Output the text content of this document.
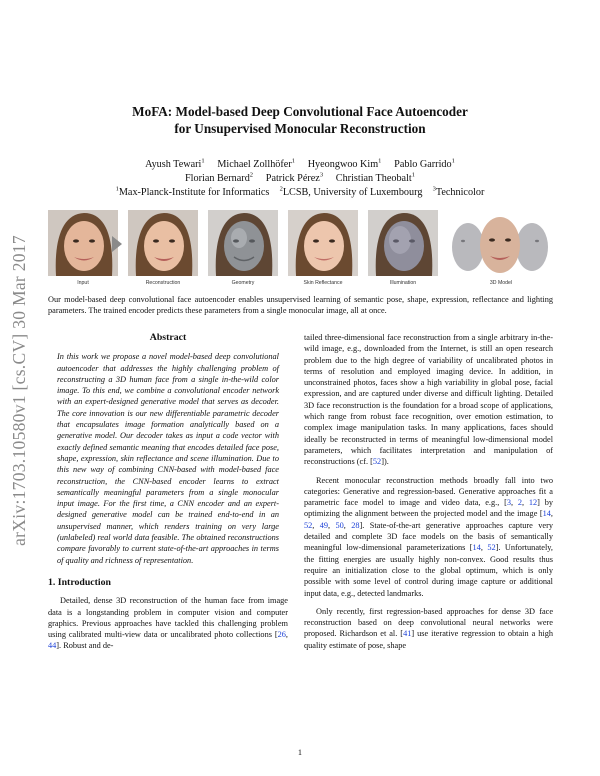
arXiv:1703.10580v1 [cs.CV] 30 Mar 2017
MoFA: Model-based Deep Convolutional Face Autoencoder
for Unsupervised Monocular Reconstruction
Ayush Tewari$^1$ Michael Zollhöfer$^1$ Hyeongwoo Kim$^1$ Pablo Garrido$^1$
Florian Bernard$^2$ Patrick Pérez$^3$ Christian Theobalt$^1$
$^1$Max-Planck-Institute for Informatics $^2$LCSB, University of Luxembourg $^3$Technicolor
Input	Reconstruction	Geometry	Skin Reflectance	Illumination	3D Model
Our model-based deep convolutional face autoencoder enables unsupervised learning of semantic pose, shape, expression, reflectance and lighting parameters. The trained encoder predicts these parameters from a single monocular image, all at once.
Abstract
In this work we propose a novel model-based deep convolutional autoencoder that addresses the highly challenging problem of reconstructing a 3D human face from a single in-the-wild color image. To this end, we combine a convolutional encoder network with an expert-designed generative model that serves as decoder. The core innovation is our new differentiable parametric decoder that encapsulates image formation analytically based on a generative model. Our decoder takes as input a code vector with exactly defined semantic meaning that encodes detailed face pose, shape, expression, skin reflectance and scene illumination. Due to this new way of combining CNN-based with model-based face reconstruction, the CNN-based encoder learns to extract semantically meaningful parameters from a single monocular input image. For the first time, a CNN encoder and an expert-designed generative model can be trained end-to-end in an unsupervised manner, which renders training on very large (unlabeled) real world data feasible. The obtained reconstructions compare favorably to current state-of-the-art approaches in terms of quality and richness of representation.
1. Introduction
Detailed, dense 3D reconstruction of the human face from image data is a longstanding problem in computer vision and computer graphics. Previous approaches have tackled this challenging problem using calibrated multi-view data or uncalibrated photo collections [26, 44]. Robust and de-
tailed three-dimensional face reconstruction from a single arbitrary in-the-wild image, e.g., downloaded from the Internet, is still an open research problem due to the high degree of variability of uncalibrated photos in terms of resolution and employed imaging device. In addition, in unconstrained photos, faces show a high variability in global pose, facial expression, and are captured under diverse and difficult lighting. Detailed 3D face reconstruction is the foundation for a broad scope of applications, which range from robust face recognition, over emotion estimation, to complex image manipulation tasks. In many applications, faces should ideally be reconstructed in terms of meaningful low-dimensional model parameters, which facilitates interpretation and manipulation of reconstructions (cf. [52]).
Recent monocular reconstruction methods broadly fall into two categories: Generative and regression-based. Generative approaches fit a parametric face model to image and video data, e.g., [3, 2, 12] by optimizing the alignment between the projected model and the image [14, 52, 49, 50, 28]. State-of-the-art generative approaches capture very detailed and complete 3D face models on the basis of semantically meaningful low-dimensional parameterizations [14, 52]. Unfortunately, the fitting energies are usually highly non-convex. Good results thus require an initialization close to the global optimum, which is only possible with some level of control during image capture or additional input data, e.g., detected landmarks.
Only recently, first regression-based approaches for dense 3D face reconstruction based on deep convolutional neural networks were proposed. Richardson et al. [41] use iterative regression to obtain a high quality estimate of pose, shape
1
